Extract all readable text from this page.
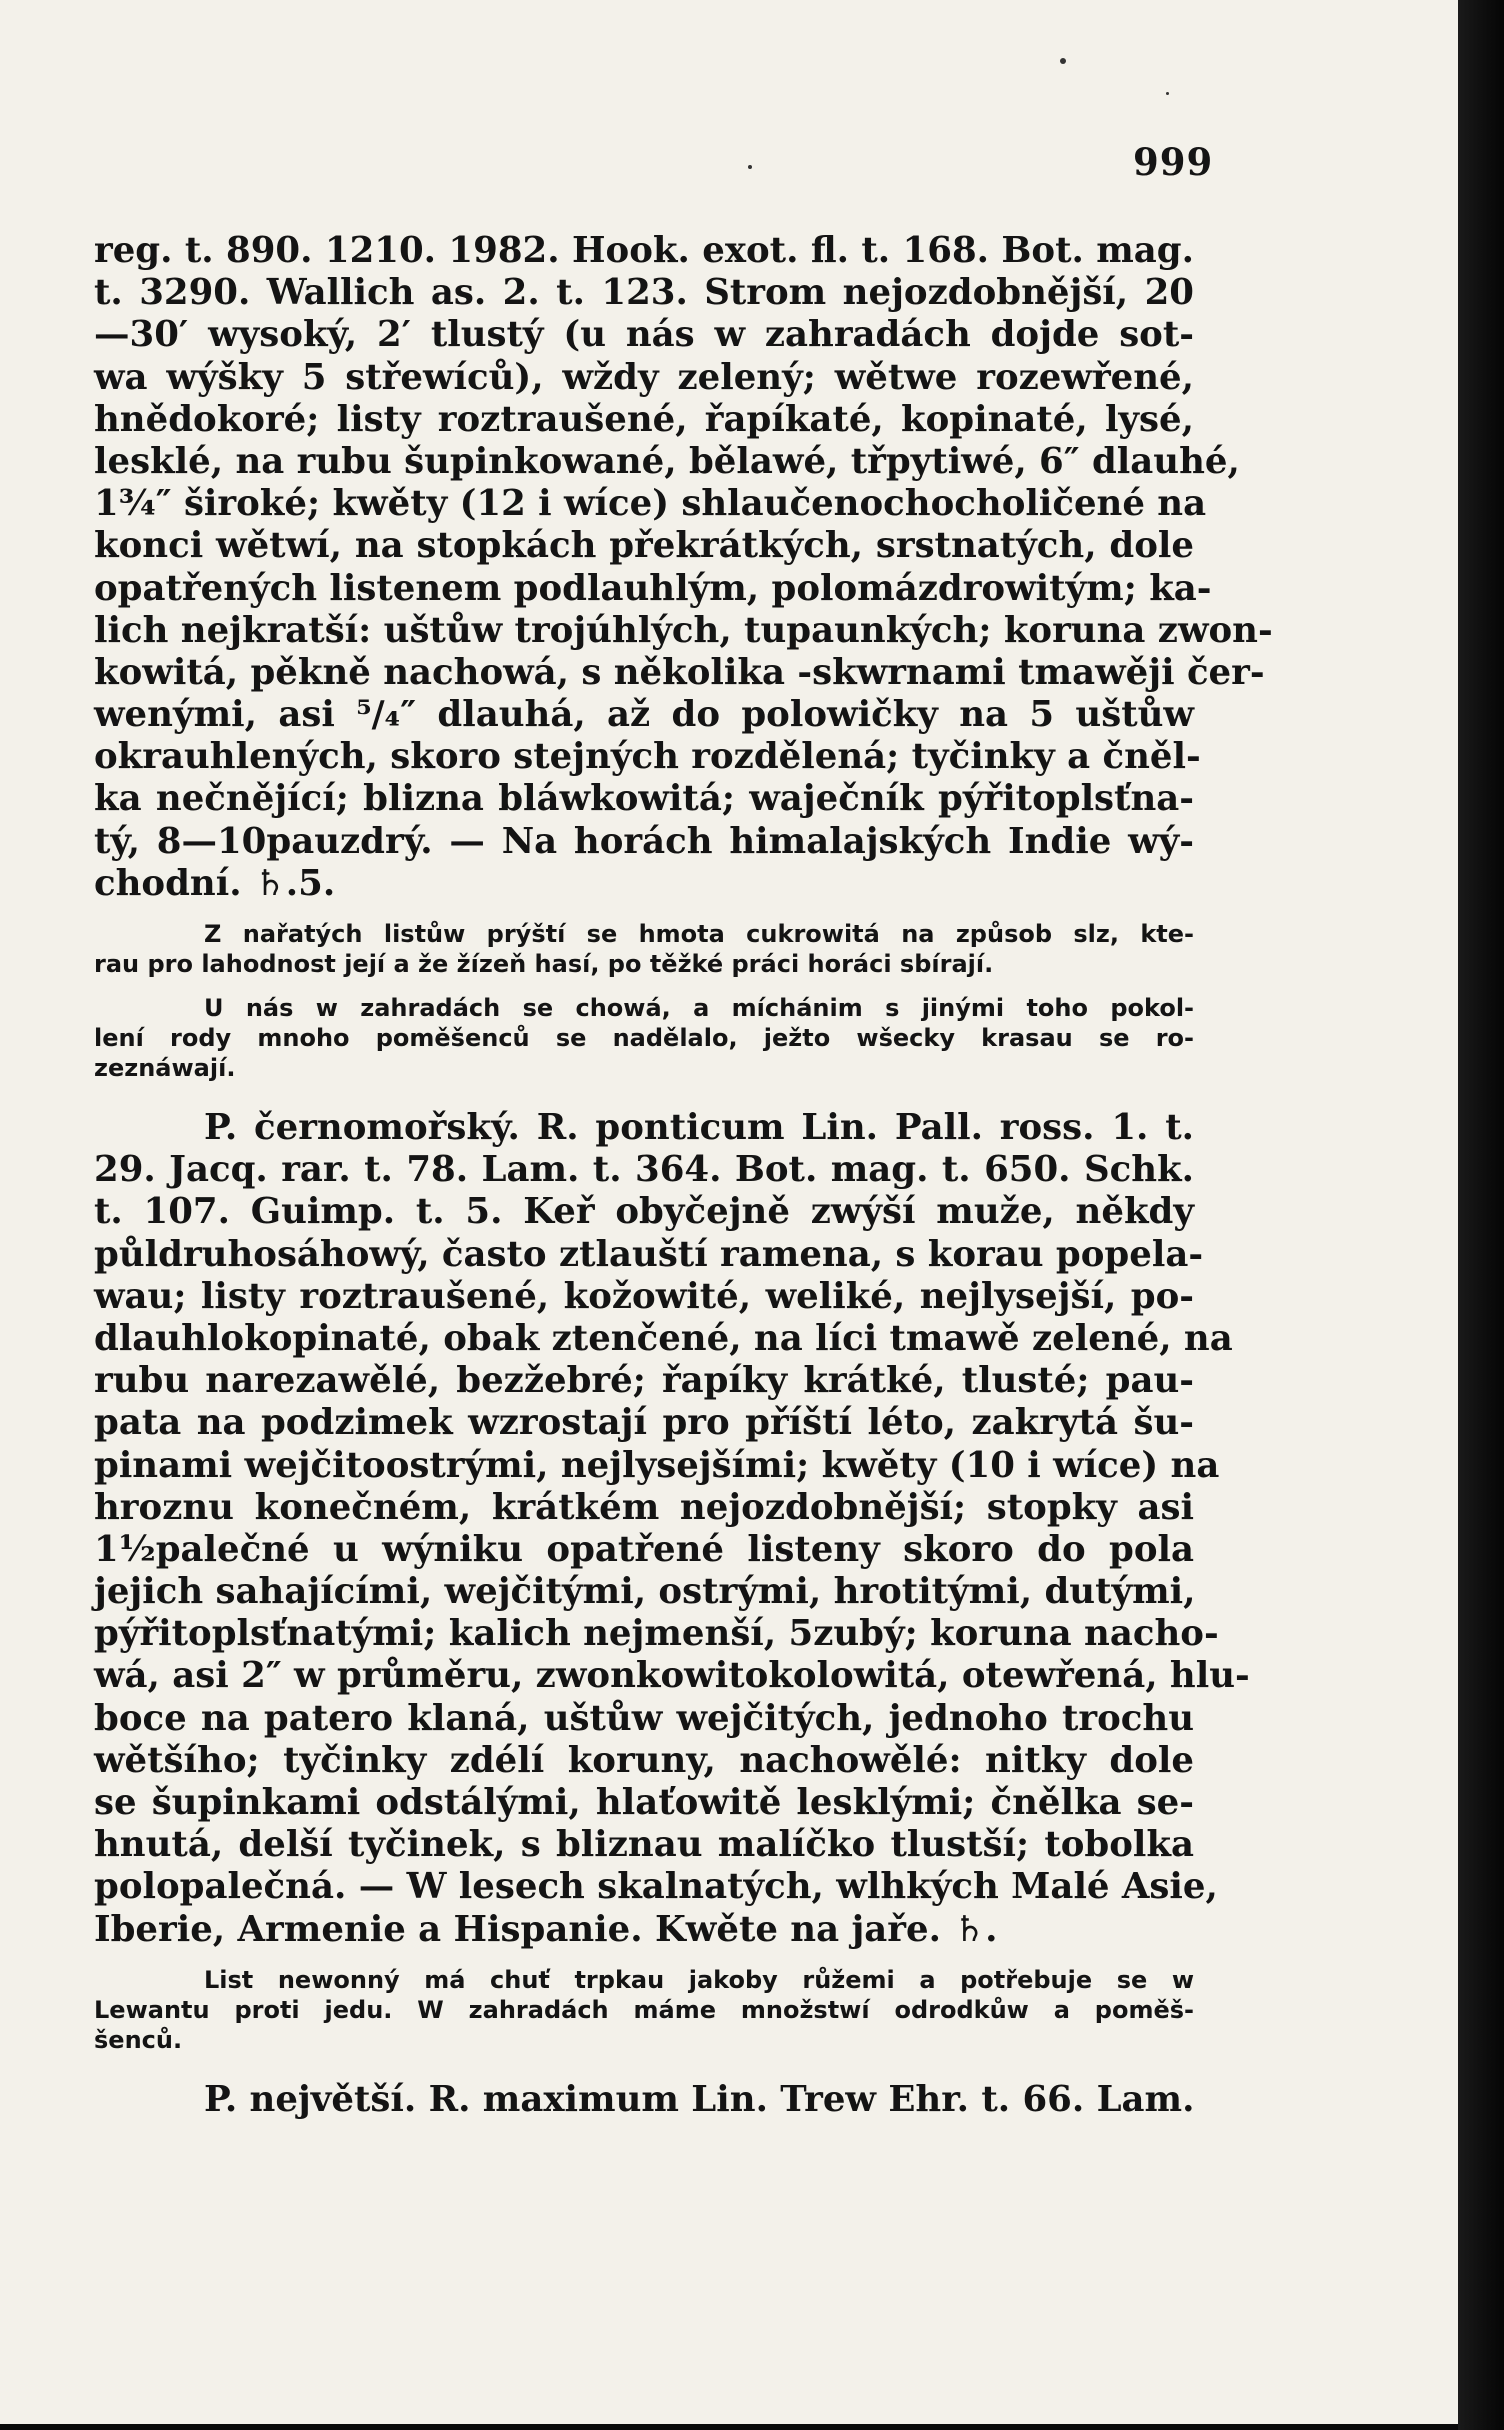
999
reg. t. 890. 1210. 1982. Hook. exot. fl. t. 168. Bot. mag.
t. 3290. Wallich as. 2. t. 123. Strom nejozdobnější, 20
—30′ wysoký, 2′ tlustý (u nás w zahradách dojde sot-
wa wýšky 5 střewíců), wždy zelený; wětwe rozewřené,
hnědokoré; listy roztraušené, řapíkaté, kopinaté, lysé,
lesklé, na rubu šupinkowané, bělawé, třpytiwé, 6″ dlauhé,
1¾″ široké; kwěty (12 i wíce) shlaučenochocholičené na
konci wětwí, na stopkách překrátkých, srstnatých, dole
opatřených listenem podlauhlým, polomázdrowitým; ka-
lich nejkratší: uštůw trojúhlých, tupaunkých; koruna zwon-
kowitá, pěkně nachowá, s několika -skwrnami tmawěji čer-
wenými, asi ⁵/₄″ dlauhá, až do polowičky na 5 uštůw
okrauhlených, skoro stejných rozdělená; tyčinky a čněl-
ka nečnějící; blizna bláwkowitá; waječník pýřitoplsťna-
tý, 8—10pauzdrý. — Na horách himalajských Indie wý-
chodní. ♄.5.
Z nařatých listůw prýští se hmota cukrowitá na způsob slz, kte-
rau pro lahodnost její a že žízeň hasí, po těžké práci horáci sbírají.
U nás w zahradách se chowá, a míchánim s jinými toho pokol-
lení rody mnoho poměšenců se nadělalo, ježto wšecky krasau se ro-
zeznáwají.
P. černomořský. R. ponticum Lin. Pall. ross. 1. t.
29. Jacq. rar. t. 78. Lam. t. 364. Bot. mag. t. 650. Schk.
t. 107. Guimp. t. 5. Keř obyčejně zwýší muže, někdy
půldruhosáhowý, často ztlauští ramena, s korau popela-
wau; listy roztraušené, kožowité, weliké, nejlysejší, po-
dlauhlokopinaté, obak ztenčené, na líci tmawě zelené, na
rubu narezawělé, bezžebré; řapíky krátké, tlusté; pau-
pata na podzimek wzrostají pro příští léto, zakrytá šu-
pinami wejčitoostrými, nejlysejšími; kwěty (10 i wíce) na
hroznu konečném, krátkém nejozdobnější; stopky asi
1½palečné u wýniku opatřené listeny skoro do pola
jejich sahajícími, wejčitými, ostrými, hrotitými, dutými,
pýřitoplsťnatými; kalich nejmenší, 5zubý; koruna nacho-
wá, asi 2″ w průměru, zwonkowitokolowitá, otewřená, hlu-
boce na patero klaná, uštůw wejčitých, jednoho trochu
wětšího; tyčinky zdélí koruny, nachowělé: nitky dole
se šupinkami odstálými, hlaťowitě lesklými; čnělka se-
hnutá, delší tyčinek, s bliznau malíčko tlustší; tobolka
polopalečná. — W lesech skalnatých, wlhkých Malé Asie,
Iberie, Armenie a Hispanie. Kwěte na jaře. ♄.
List newonný má chuť trpkau jakoby růžemi a potřebuje se w
Lewantu proti jedu. W zahradách máme množstwí odrodkůw a poměš-
šenců.
P. největší. R. maximum Lin. Trew Ehr. t. 66. Lam.
